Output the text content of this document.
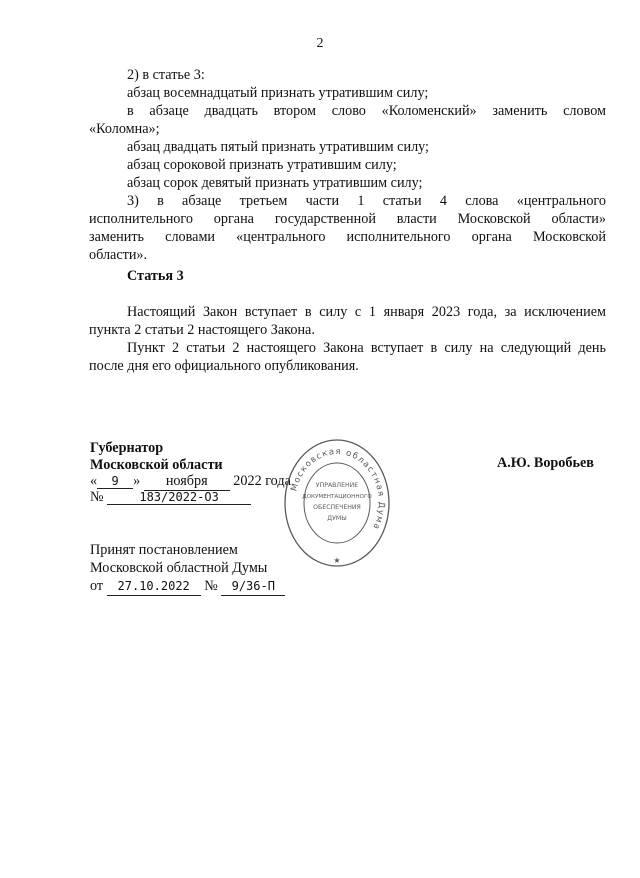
2
2) в статье 3:
абзац восемнадцатый признать утратившим силу;
в абзаце двадцать втором слово «Коломенский» заменить словом
«Коломна»;
абзац двадцать пятый признать утратившим силу;
абзац сороковой признать утратившим силу;
абзац сорок девятый признать утратившим силу;
3) в абзаце третьем части 1 статьи 4 слова «центрального
исполнительного органа государственной власти Московской области»
заменить словами «центрального исполнительного органа Московской
области».
Статья 3
Настоящий Закон вступает в силу с 1 января 2023 года, за исключением
пункта 2 статьи 2 настоящего Закона.
Пункт 2 статьи 2 настоящего Закона вступает в силу на следующий день
после дня его официального опубликования.
Губернатор
Московской области	А.Ю. Воробьев
« 9 » ноября 2022 года
№	183/2022-ОЗ
Принят постановлением
Московской областной Думы
от 27.10.2022 № 9/36-П
Московская областная Дума
УПРАВЛЕНИЕ
ДОКУМЕНТАЦИОННОГО
ОБЕСПЕЧЕНИЯ
ДУМЫ
★
